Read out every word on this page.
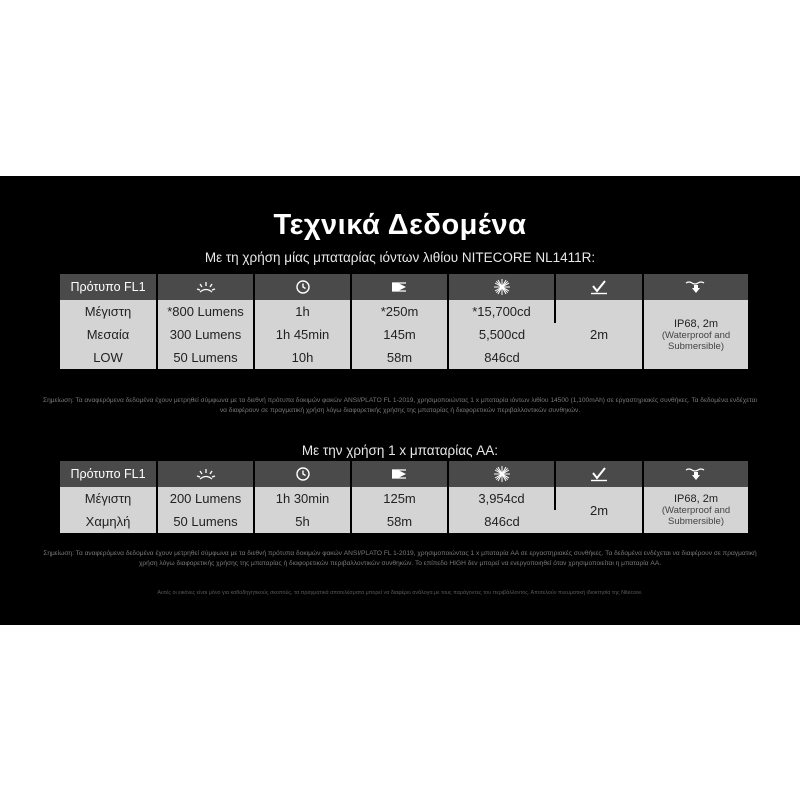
Τεχνικά Δεδομένα
Με τη χρήση μίας μπαταρίας ιόντων λιθίου NITECORE NL1411R:
Πρότυπο FL1	

Μέγιστη	*800 Lumens	1h	*250m	*15,700cd	2m	IP68, 2m
(Waterproof and Submersible)

Μεσαία	300 Lumens	1h 45min	145m	5,500cd		
LOW	50 Lumens	10h	58m	846cd		
Σημείωση: Τα αναφερόμενα δεδομένα έχουν μετρηθεί σύμφωνα με τα διεθνή πρότυπα δοκιμών φακών ANSI/PLATO FL 1-2019, χρησιμοποιώντας 1 x μπαταρία ιόντων λιθίου 14500 (1,100mAh) σε εργαστηριακές συνθήκες. Τα δεδομένα ενδέχεται να διαφέρουν σε πραγματική χρήση λόγω διαφορετικής χρήσης της μπαταρίας ή διαφορετικών περιβαλλοντικών συνθηκών.
Με την χρήση 1 x μπαταρίας AA:
Πρότυπο FL1	

Μέγιστη	200 Lumens	1h 30min	125m	3,954cd	2m	IP68, 2m
(Waterproof and Submersible)

Χαμηλή	50 Lumens	5h	58m	846cd		
Σημείωση: Τα αναφερόμενα δεδομένα έχουν μετρηθεί σύμφωνα με τα διεθνή πρότυπα δοκιμών φακών ANSI/PLATO FL 1-2019, χρησιμοποιώντας 1 x μπαταρία AA σε εργαστηριακές συνθήκες. Τα δεδομένα ενδέχεται να διαφέρουν σε πραγματική χρήση λόγω διαφορετικής χρήσης της μπαταρίας ή διαφορετικών περιβαλλοντικών συνθηκών. Το επίπεδο HIGH δεν μπορεί να ενεργοποιηθεί όταν χρησιμοποιείται η μπαταρία AA.
Αυτές οι εικόνες είναι μόνο για καθοδηγητικούς σκοπούς, τα πραγματικά αποτελέσματα μπορεί να διαφέρει ανάλογα με τους παράγοντες του περιβάλλοντος. Αποτελούν πνευματική ιδιοκτησία της Nitecore.
